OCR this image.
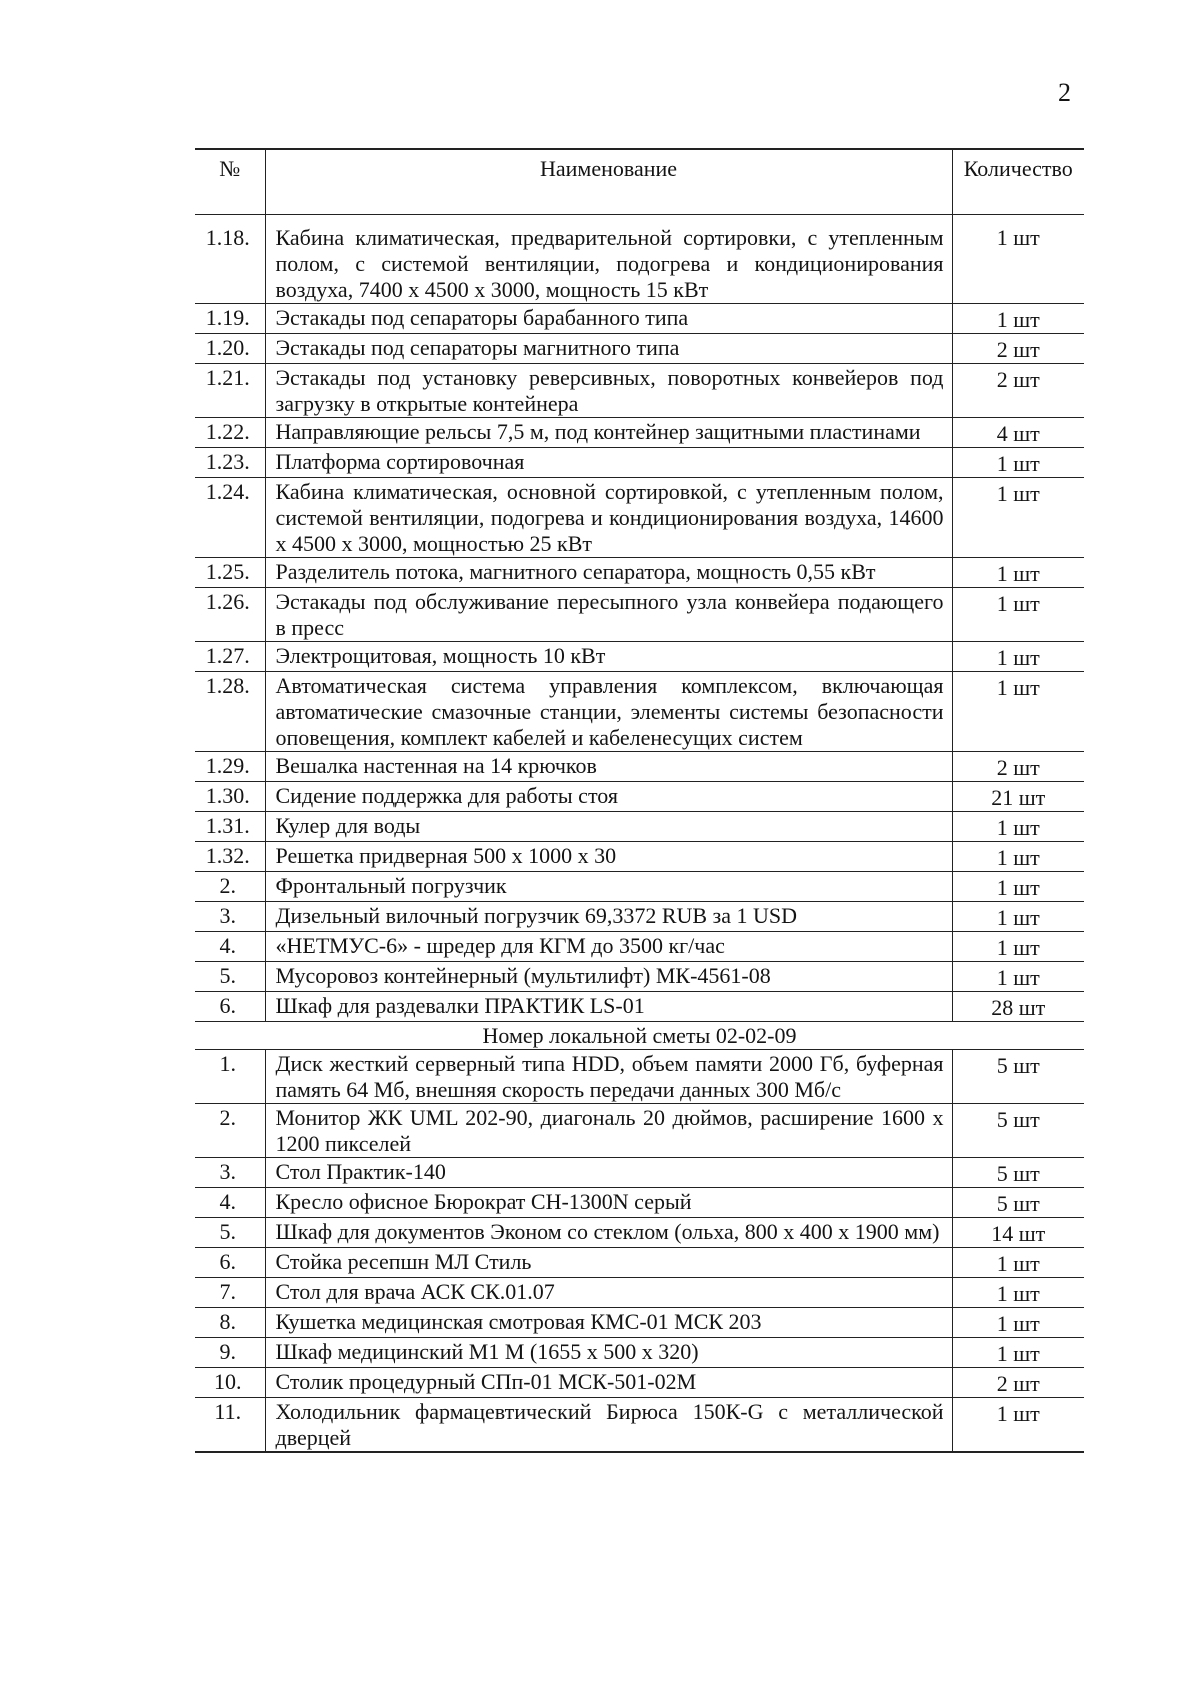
2
№	Наименование	Количество
1.18.	Кабина климатическая, предварительной сортировки, с утепленным полом, с системой вентиляции, подогрева и кондиционирования воздуха, 7400 х 4500 х 3000, мощность 15 кВт	1 шт
1.19.	Эстакады под сепараторы барабанного типа	1 шт
1.20.	Эстакады под сепараторы магнитного типа	2 шт
1.21.	Эстакады под установку реверсивных, поворотных конвейеров под загрузку в открытые контейнера	2 шт
1.22.	Направляющие рельсы 7,5 м, под контейнер защитными пластинами	4 шт
1.23.	Платформа сортировочная	1 шт
1.24.	Кабина климатическая, основной сортировкой, с утепленным полом, системой вентиляции, подогрева и кондиционирования воздуха, 14600 х 4500 х 3000, мощностью 25 кВт	1 шт
1.25.	Разделитель потока, магнитного сепаратора, мощность 0,55 кВт	1 шт
1.26.	Эстакады под обслуживание пересыпного узла конвейера подающего в пресс	1 шт
1.27.	Электрощитовая, мощность 10 кВт	1 шт
1.28.	Автоматическая система управления комплексом, включающая автоматические смазочные станции, элементы системы безопасности оповещения, комплект кабелей и кабеленесущих систем	1 шт
1.29.	Вешалка настенная на 14 крючков	2 шт
1.30.	Сидение поддержка для работы стоя	21 шт
1.31.	Кулер для воды	1 шт
1.32.	Решетка придверная 500 х 1000 х 30	1 шт
2.	Фронтальный погрузчик	1 шт
3.	Дизельный вилочный погрузчик 69,3372 RUB за 1 USD	1 шт
4.	«НЕТМУС-6» - шредер для КГМ до 3500 кг/час	1 шт
5.	Мусоровоз контейнерный (мультилифт) МК-4561-08	1 шт
6.	Шкаф для раздевалки ПРАКТИК LS-01	28 шт
Номер локальной сметы 02-02-09		
1.	Диск жесткий серверный типа HDD, объем памяти 2000 Гб, буферная память 64 Мб, внешняя скорость передачи данных 300 Мб/с	5 шт
2.	Монитор ЖК UML 202-90, диагональ 20 дюймов, расширение 1600 х 1200 пикселей	5 шт
3.	Стол Практик-140	5 шт
4.	Кресло офисное Бюрократ СН-1300N серый	5 шт
5.	Шкаф для документов Эконом со стеклом (ольха, 800 х 400 х 1900 мм)	14 шт
6.	Стойка ресепшн МЛ Стиль	1 шт
7.	Стол для врача АСК СК.01.07	1 шт
8.	Кушетка медицинская смотровая КМС-01 МСК 203	1 шт
9.	Шкаф медицинский М1 М (1655 х 500 х 320)	1 шт
10.	Столик процедурный СПп-01 МСК-501-02М	2 шт
11.	Холодильник фармацевтический Бирюса 150К-G с металлической дверцей	1 шт
